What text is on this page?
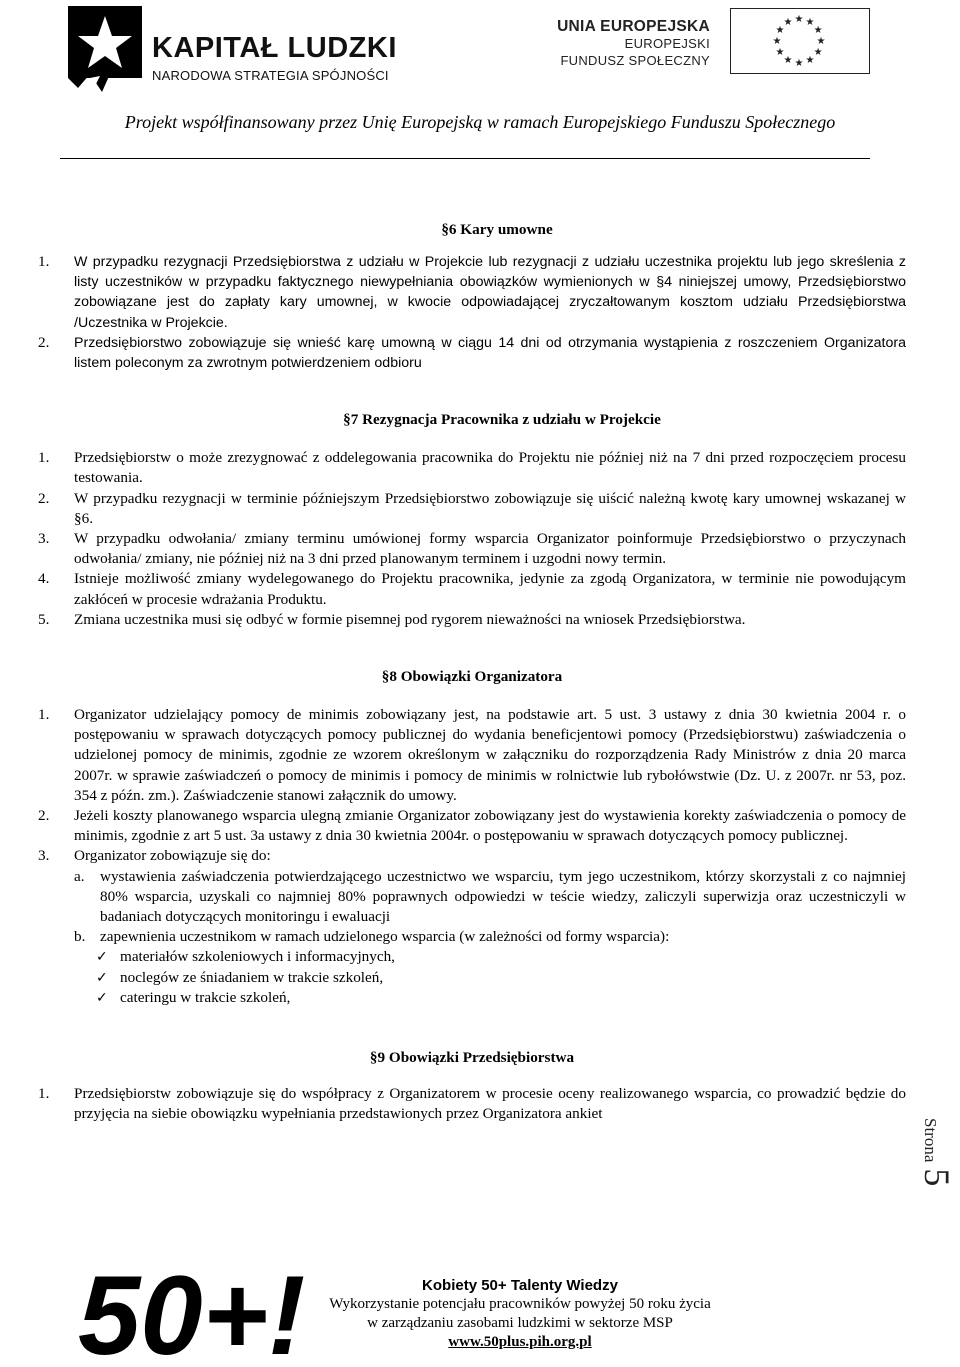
KAPITAŁ LUDZKI
NARODOWA STRATEGIA SPÓJNOŚCI
UNIA EUROPEJSKA
EUROPEJSKI
FUNDUSZ SPOŁECZNY
★ ★
★
★
★
★
★
★
★
★
★
★
Projekt współfinansowany przez Unię Europejską w ramach Europejskiego Funduszu Społecznego
§6 Kary umowne
1.	W przypadku rezygnacji Przedsiębiorstwa z udziału w Projekcie lub rezygnacji z udziału uczestnika projektu lub jego skreślenia z listy uczestników w przypadku faktycznego niewypełniania obowiązków wymienionych w §4 niniejszej umowy, Przedsiębiorstwo zobowiązane jest do zapłaty kary umownej, w kwocie odpowiadającej zryczałtowanym kosztom udziału Przedsiębiorstwa /Uczestnika w Projekcie.
2.	Przedsiębiorstwo zobowiązuje się wnieść karę umowną w ciągu 14 dni od otrzymania wystąpienia z roszczeniem Organizatora listem poleconym za zwrotnym potwierdzeniem odbioru
§7 Rezygnacja Pracownika z udziału w Projekcie
1.	Przedsiębiorstw o może zrezygnować z oddelegowania pracownika do Projektu nie później niż na 7 dni przed rozpoczęciem procesu testowania.
2.	W przypadku rezygnacji w terminie późniejszym Przedsiębiorstwo zobowiązuje się uiścić należną kwotę kary umownej wskazanej w §6.
3.	W przypadku odwołania/ zmiany terminu umówionej formy wsparcia Organizator poinformuje Przedsiębiorstwo o przyczynach odwołania/ zmiany, nie później niż na 3 dni przed planowanym terminem i uzgodni nowy termin.
4.	Istnieje możliwość zmiany wydelegowanego do Projektu pracownika, jedynie za zgodą Organizatora, w terminie nie powodującym zakłóceń w procesie wdrażania Produktu.
5.	Zmiana uczestnika musi się odbyć w formie pisemnej pod rygorem nieważności na wniosek Przedsiębiorstwa.
§8 Obowiązki Organizatora
1.	Organizator udzielający pomocy de minimis zobowiązany jest, na podstawie art. 5 ust. 3 ustawy z dnia 30 kwietnia 2004 r. o postępowaniu w sprawach dotyczących pomocy publicznej do wydania beneficjentowi pomocy (Przedsiębiorstwu) zaświadczenia o udzielonej pomocy de minimis, zgodnie ze wzorem określonym w załączniku do rozporządzenia Rady Ministrów z dnia 20 marca 2007r. w sprawie zaświadczeń o pomocy de minimis i pomocy de minimis w rolnictwie lub rybołówstwie (Dz. U. z 2007r. nr 53, poz. 354 z późn. zm.). Zaświadczenie stanowi załącznik do umowy.
2.	Jeżeli koszty planowanego wsparcia ulegną zmianie Organizator zobowiązany jest do wystawienia korekty zaświadczenia o pomocy de minimis, zgodnie z art 5 ust. 3a ustawy z dnia 30 kwietnia 2004r. o postępowaniu w sprawach dotyczących pomocy publicznej.
3.	Organizator zobowiązuje się do:
a.	wystawienia zaświadczenia potwierdzającego uczestnictwo we wsparciu, tym jego uczestnikom, którzy skorzystali z co najmniej 80% wsparcia, uzyskali co najmniej 80% poprawnych odpowiedzi w teście wiedzy, zaliczyli superwizja oraz uczestniczyli w badaniach dotyczących monitoringu i ewaluacji
b. zapewnienia uczestnikom w ramach udzielonego wsparcia (w zależności od formy wsparcia):
✓ materiałów szkoleniowych i informacyjnych,
✓ noclegów ze śniadaniem w trakcie szkoleń,
✓ cateringu w trakcie szkoleń,
§9 Obowiązki Przedsiębiorstwa
1.	Przedsiębiorstw zobowiązuje się do współpracy z Organizatorem w procesie oceny realizowanego wsparcia, co prowadzić będzie do przyjęcia na siebie obowiązku wypełniania przedstawionych przez Organizatora ankiet
Strona
5
50+!	Kobiety 50+ Talenty Wiedzy
Wykorzystanie potencjału pracowników powyżej 50 roku życia
w zarządzaniu zasobami ludzkimi w sektorze MSP
www.50plus.pih.org.pl
